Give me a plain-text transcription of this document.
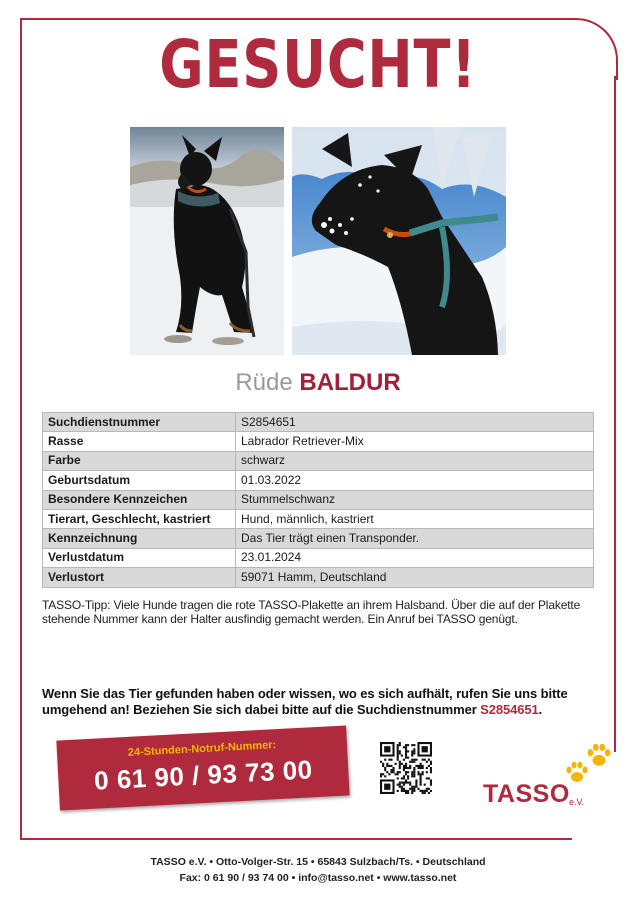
GESUCHT!
Rüde BALDUR
Suchdienstnummer	S2854651
Rasse	Labrador Retriever-Mix
Farbe	schwarz
Geburtsdatum	01.03.2022
Besondere Kennzeichen	Stummelschwanz
Tierart, Geschlecht, kastriert	Hund, männlich, kastriert
Kennzeichnung	Das Tier trägt einen Transponder.
Verlustdatum	23.01.2024
Verlustort	59071 Hamm, Deutschland
TASSO-Tipp: Viele Hunde tragen die rote TASSO-Plakette an ihrem Halsband. Über die auf der Plakette stehende Nummer kann der Halter ausfindig gemacht werden. Ein Anruf bei TASSO genügt.
Wenn Sie das Tier gefunden haben oder wissen, wo es sich aufhält, rufen Sie uns bitte umgehend an! Beziehen Sie sich dabei bitte auf die Suchdienstnummer S2854651.
24-Stunden-Notruf-Nummer:
0 61 90 / 93 73 00	TASSO e.V.
TASSO e.V. • Otto-Volger-Str. 15 • 65843 Sulzbach/Ts. • Deutschland
Fax: 0 61 90 / 93 74 00 • info@tasso.net • www.tasso.net
